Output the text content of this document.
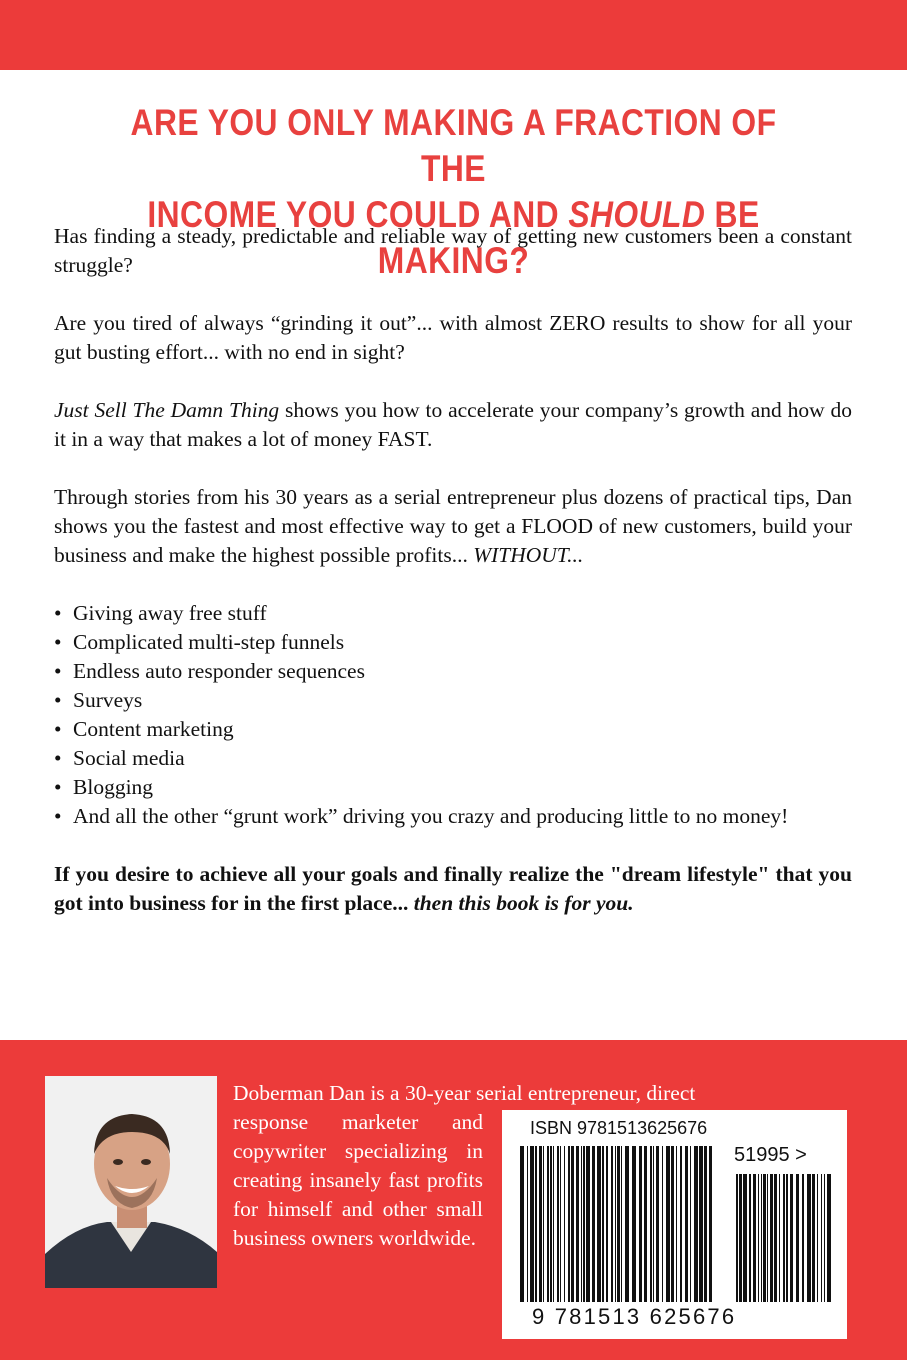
ARE YOU ONLY MAKING A FRACTION OF THE
INCOME YOU COULD AND SHOULD BE MAKING?

Has finding a steady, predictable and reliable way of getting new customers been a constant struggle?

Are you tired of always “grinding it out”... with almost ZERO results to show for all your gut busting effort... with no end in sight?

Just Sell The Damn Thing shows you how to accelerate your company’s growth and how do it in a way that makes a lot of money FAST.

Through stories from his 30 years as a serial entrepreneur plus dozens of practical tips, Dan shows you the fastest and most effective way to get a FLOOD of new customers, build your business and make the highest possible profits... WITHOUT...

• Giving away free stuff
• Complicated multi-step funnels
• Endless auto responder sequences
• Surveys
• Content marketing
• Social media
• Blogging
• And all the other “grunt work” driving you crazy and producing little to no money!

If you desire to achieve all your goals and finally realize the "dream lifestyle" that you got into business for in the first place... then this book is for you.

Doberman Dan is a 30-year serial entrepreneur, direct
response marketer and copywriter specializing in creating insanely fast profits for himself and other small business owners worldwide.
ISBN 9781513625676
51995 >
9 781513 625676
